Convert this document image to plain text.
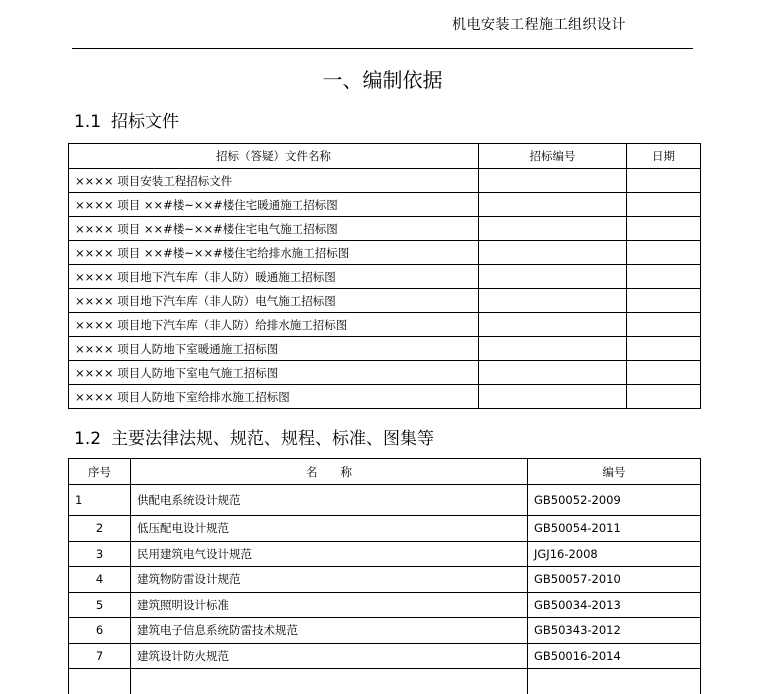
机电安装工程施工组织设计
一、编制依据
1.1 招标文件
招标（答疑）文件名称	招标编号	日期
×××× 项目安装工程招标文件		
×××× 项目 ××#楼~××#楼住宅暖通施工招标图		
×××× 项目 ××#楼~××#楼住宅电气施工招标图		
×××× 项目 ××#楼~××#楼住宅给排水施工招标图		
×××× 项目地下汽车库（非人防）暖通施工招标图		
×××× 项目地下汽车库（非人防）电气施工招标图		
×××× 项目地下汽车库（非人防）给排水施工招标图		
×××× 项目人防地下室暖通施工招标图		
×××× 项目人防地下室电气施工招标图		
×××× 项目人防地下室给排水施工招标图		
1.2 主要法律法规、规范、规程、标准、图集等
序号	名　　称	编号
1	供配电系统设计规范	GB50052-2009
2	低压配电设计规范	GB50054-2011
3	民用建筑电气设计规范	JGJ16-2008
4	建筑物防雷设计规范	GB50057-2010
5	建筑照明设计标准	GB50034-2013
6	建筑电子信息系统防雷技术规范	GB50343-2012
7	建筑设计防火规范	GB50016-2014
